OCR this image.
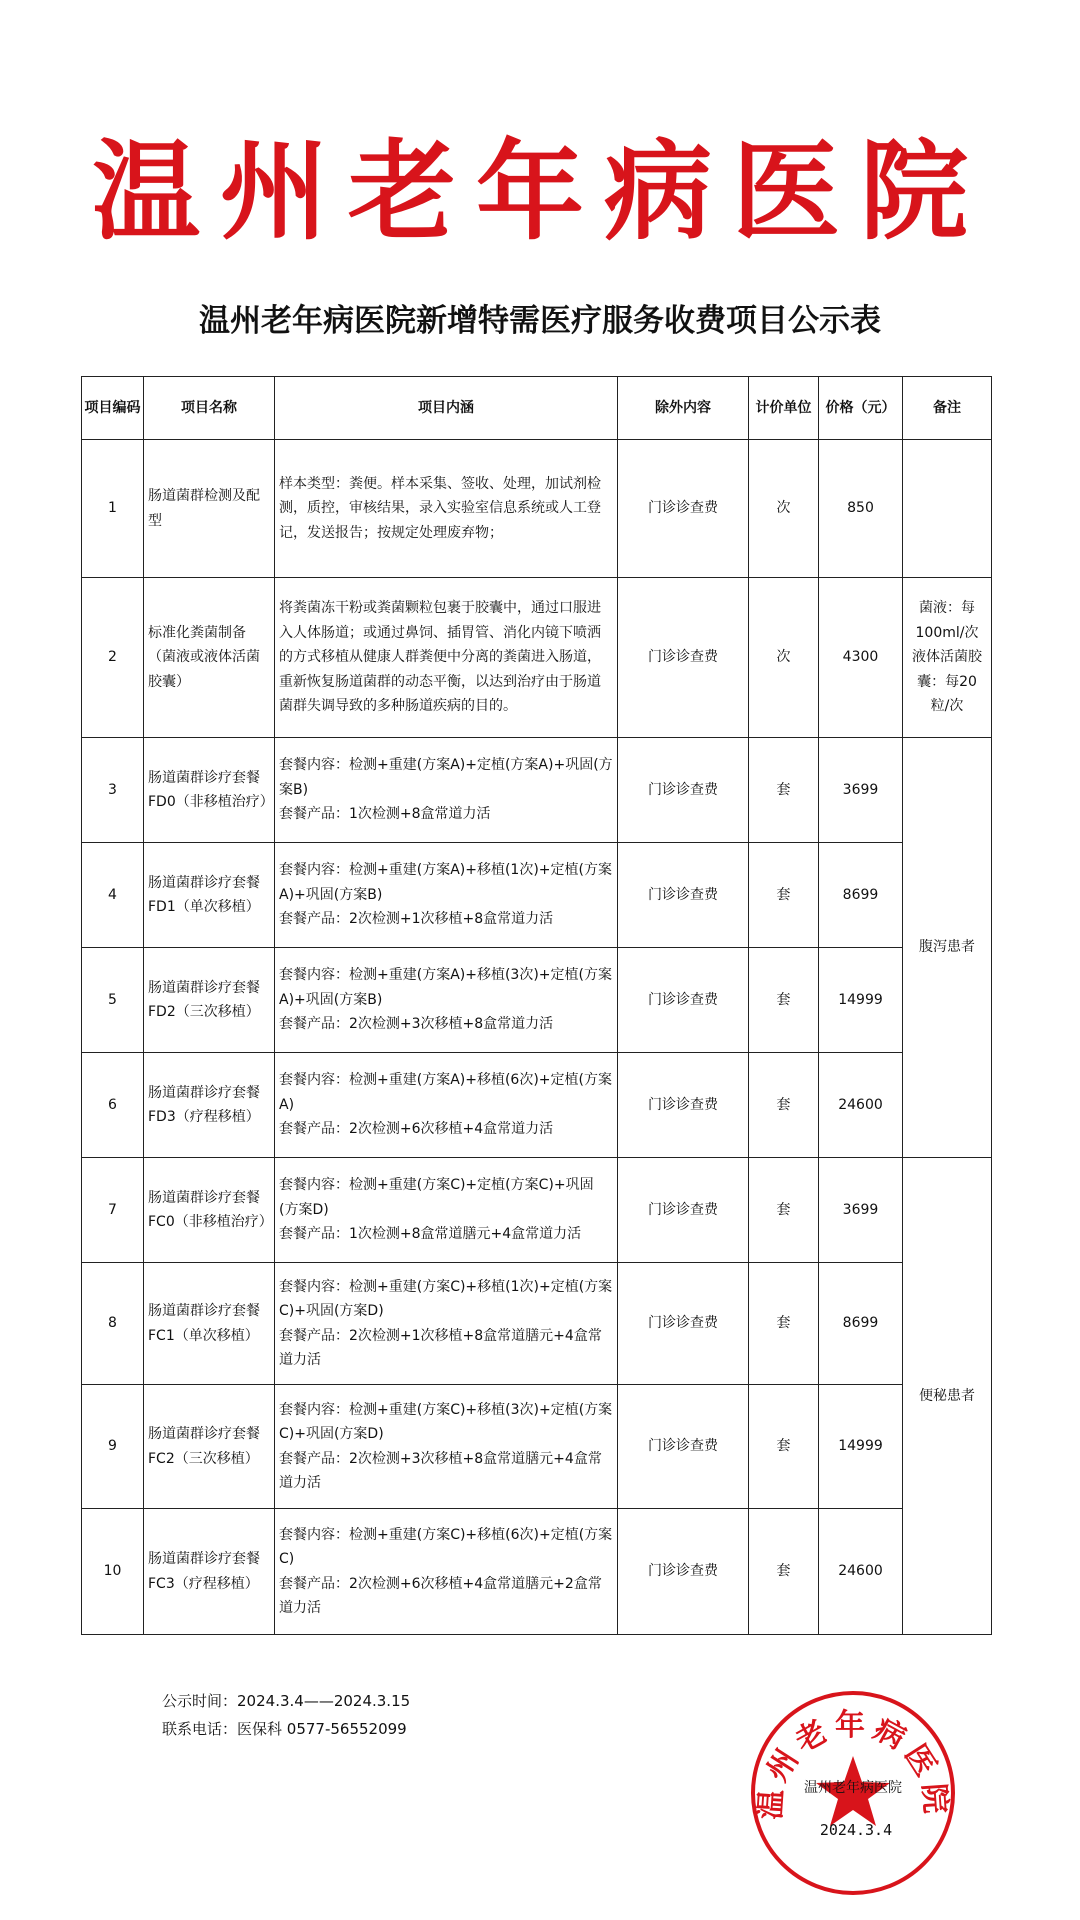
温州老年病医院
温州老年病医院新增特需医疗服务收费项目公示表
项目编码	项目名称	项目内涵	除外内容	计价单位	价格（元）	备注
1	肠道菌群检测及配型	样本类型：粪便。样本采集、签收、处理，加试剂检测，质控，审核结果，录入实验室信息系统或人工登记，发送报告；按规定处理废弃物；	门诊诊查费	次	850	
2	标准化粪菌制备（菌液或液体活菌胶囊）	将粪菌冻干粉或粪菌颗粒包裹于胶囊中，通过口服进入人体肠道；或通过鼻饲、插胃管、消化内镜下喷洒的方式移植从健康人群粪便中分离的粪菌进入肠道，重新恢复肠道菌群的动态平衡，以达到治疗由于肠道菌群失调导致的多种肠道疾病的目的。	门诊诊查费	次	4300	菌液：每100ml/次液体活菌胶囊：每20粒/次
3	肠道菌群诊疗套餐FD0（非移植治疗）	套餐内容：检测+重建(方案A)+定植(方案A)+巩固(方案B)
套餐产品：1次检测+8盒常道力活	门诊诊查费	套	3699	腹泻患者
4	肠道菌群诊疗套餐FD1（单次移植）	套餐内容：检测+重建(方案A)+移植(1次)+定植(方案A)+巩固(方案B)
套餐产品：2次检测+1次移植+8盒常道力活	门诊诊查费	套	8699	
5	肠道菌群诊疗套餐FD2（三次移植）	套餐内容：检测+重建(方案A)+移植(3次)+定植(方案A)+巩固(方案B)
套餐产品：2次检测+3次移植+8盒常道力活	门诊诊查费	套	14999	
6	肠道菌群诊疗套餐FD3（疗程移植）	套餐内容：检测+重建(方案A)+移植(6次)+定植(方案A)
套餐产品：2次检测+6次移植+4盒常道力活	门诊诊查费	套	24600	
7	肠道菌群诊疗套餐FC0（非移植治疗）	套餐内容：检测+重建(方案C)+定植(方案C)+巩固(方案D)
套餐产品：1次检测+8盒常道膳元+4盒常道力活	门诊诊查费	套	3699	便秘患者
8	肠道菌群诊疗套餐FC1（单次移植）	套餐内容：检测+重建(方案C)+移植(1次)+定植(方案C)+巩固(方案D)
套餐产品：2次检测+1次移植+8盒常道膳元+4盒常道力活	门诊诊查费	套	8699	
9	肠道菌群诊疗套餐FC2（三次移植）	套餐内容：检测+重建(方案C)+移植(3次)+定植(方案C)+巩固(方案D)
套餐产品：2次检测+3次移植+8盒常道膳元+4盒常道力活	门诊诊查费	套	14999	
10	肠道菌群诊疗套餐FC3（疗程移植）	套餐内容：检测+重建(方案C)+移植(6次)+定植(方案C)
套餐产品：2次检测+6次移植+4盒常道膳元+2盒常道力活	门诊诊查费	套	24600	
公示时间：2024.3.4——2024.3.15
联系电话：医保科 0577-56552099
温州老年病医院
温州老年病医院
2024.3.4
